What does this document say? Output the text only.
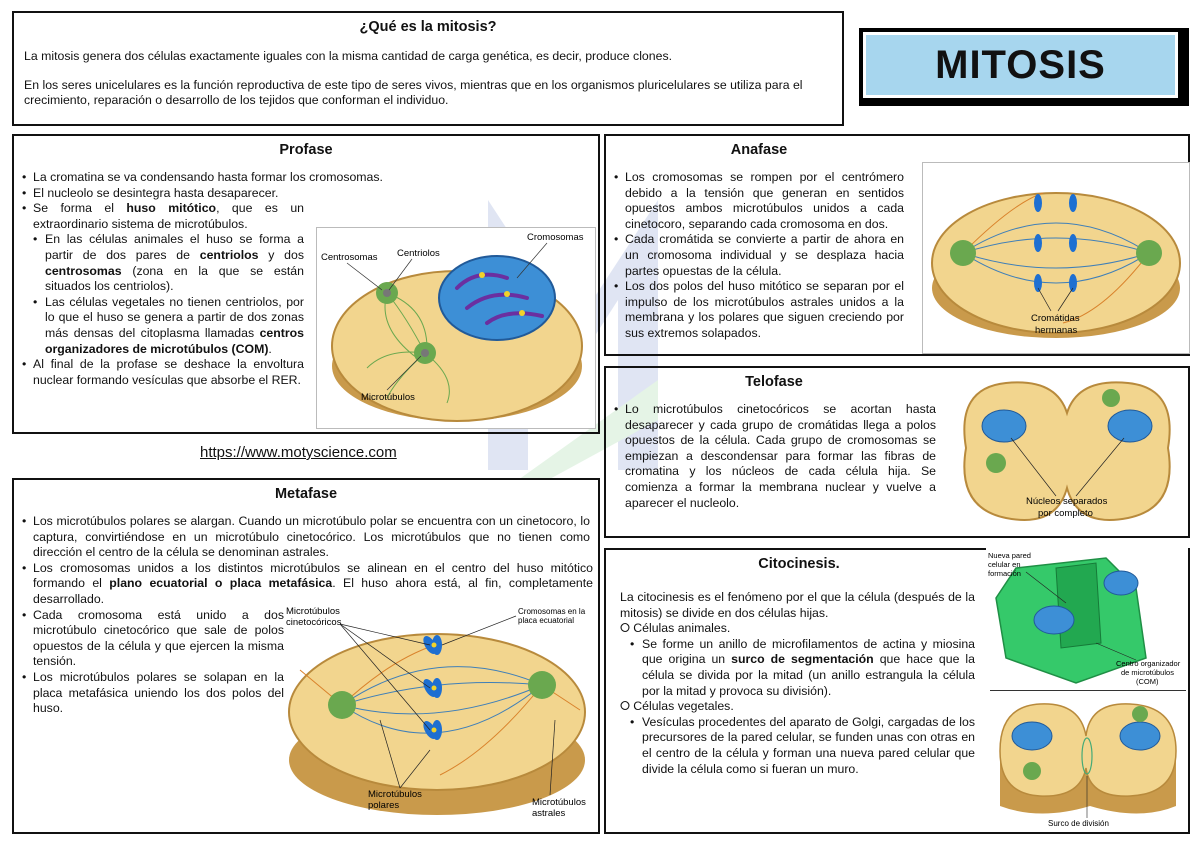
¿Qué es la mitosis?
La mitosis genera dos células exactamente iguales con la misma cantidad de carga genética, es decir, produce clones.
En los seres unicelulares es la función reproductiva de este tipo de seres vivos, mientras que en los organismos pluricelulares se utiliza para el crecimiento, reparación o desarrollo de los tejidos que conforman el individuo.
MITOSIS
Profase
• La cromatina se va condensando hasta formar los cromosomas.
• El nucleolo se desintegra hasta desaparecer.
• Se forma el huso mitótico, que es un extraordinario sistema de microtúbulos.
• En las células animales el huso se forma a partir de dos pares de centriolos y dos centrosomas (zona en la que se están situados los centriolos).
• Las células vegetales no tienen centriolos, por lo que el huso se genera a partir de dos zonas más densas del citoplasma llamadas centros organizadores de microtúbulos (COM).
• Al final de la profase se deshace la envoltura nuclear formando vesículas que absorbe el RER.
Centrosomas Centriolos
Cromosomas
Microtúbulos
https://www.motyscience.com
Metafase
• Los microtúbulos polares se alargan. Cuando un microtúbulo polar se encuentra con un cinetocoro, lo captura, convirtiéndose en un microtúbulo cinetocórico. Los microtúbulos que no tienen como dirección el centro de la célula se denominan astrales.
• Los cromosomas unidos a los distintos microtúbulos se alinean en el centro del huso mitótico formando el plano ecuatorial o placa metafásica. El huso ahora está, al fin, completamente desarrollado.
• Cada cromosoma está unido a dos microtúbulo cinetocórico que sale de polos opuestos de la célula y que ejercen la misma tensión.
• Los microtúbulos polares se solapan en la placa metafásica uniendo los dos polos del huso.
Microtúbulos
cinetocóricos
Cromosomas en la
placa ecuatorial
Microtúbulos
polares	Microtúbulos
astrales
Anafase
• Los cromosomas se rompen por el centrómero debido a la tensión que generan en sentidos opuestos ambos microtúbulos unidos a cada cinetocoro, separando cada cromosoma en dos.
• Cada cromátida se convierte a partir de ahora en un cromosoma individual y se desplaza hacia partes opuestas de la célula.
• Los dos polos del huso mitótico se separan por el impulso de los microtúbulos astrales unidos a la membrana y los polares que siguen creciendo por sus extremos solapados.
Cromátidas
hermanas
Telofase
• Lo microtúbulos cinetocóricos se acortan hasta desaparecer y cada grupo de cromátidas llega a polos opuestos de la célula. Cada grupo de cromosomas se empiezan a descondensar para formar las fibras de cromatina y los núcleos de cada célula hija. Se comienza a formar la membrana nuclear y vuelve a aparecer el nucleolo.	Núcleos separados
por completo
Citocinesis.
La citocinesis es el fenómeno por el que la célula (después de la mitosis) se divide en dos células hijas.
⭘ Células animales.
• Se forme un anillo de microfilamentos de actina y miosina que origina un surco de segmentación que hace que la célula se divida por la mitad (un anillo estrangula la célula por la mitad y provoca su división).
⭘ Células vegetales.
• Vesículas procedentes del aparato de Golgi, cargadas de los precursores de la pared celular, se funden unas con otras en el centro de la célula y forman una nueva pared celular que divide la célula como si fueran un muro.
Nueva pared
celular en
formación
Centro organizador
de microtúbulos
(COM)
Surco de división
